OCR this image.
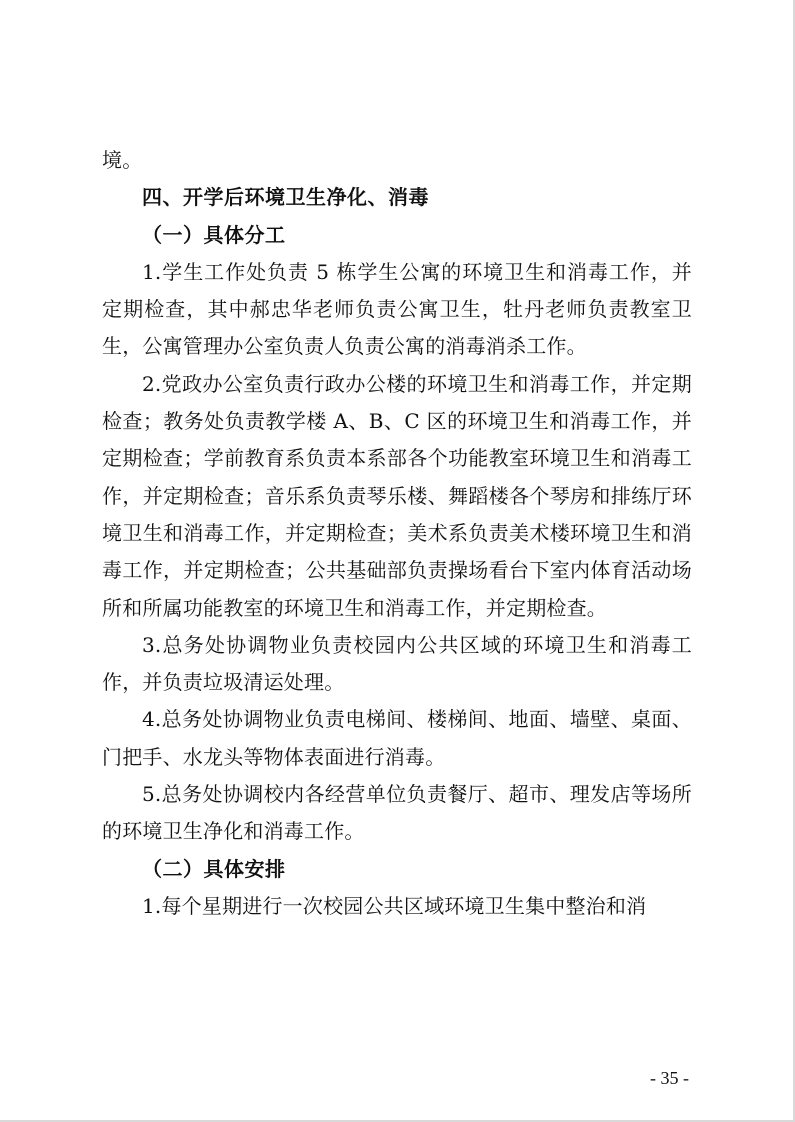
境。

四、开学后环境卫生净化、消毒

（一）具体分工

1.学生工作处负责 5 栋学生公寓的环境卫生和消毒工作，并定期检查，其中郝忠华老师负责公寓卫生，牡丹老师负责教室卫生，公寓管理办公室负责人负责公寓的消毒消杀工作。

2.党政办公室负责行政办公楼的环境卫生和消毒工作，并定期检查；教务处负责教学楼 A、B、C 区的环境卫生和消毒工作，并定期检查；学前教育系负责本系部各个功能教室环境卫生和消毒工作，并定期检查；音乐系负责琴乐楼、舞蹈楼各个琴房和排练厅环境卫生和消毒工作，并定期检查；美术系负责美术楼环境卫生和消毒工作，并定期检查；公共基础部负责操场看台下室内体育活动场所和所属功能教室的环境卫生和消毒工作，并定期检查。

3.总务处协调物业负责校园内公共区域的环境卫生和消毒工作，并负责垃圾清运处理。

4.总务处协调物业负责电梯间、楼梯间、地面、墙壁、桌面、门把手、水龙头等物体表面进行消毒。

5.总务处协调校内各经营单位负责餐厅、超市、理发店等场所的环境卫生净化和消毒工作。

（二）具体安排

1.每个星期进行一次校园公共区域环境卫生集中整治和消

- 35 -
